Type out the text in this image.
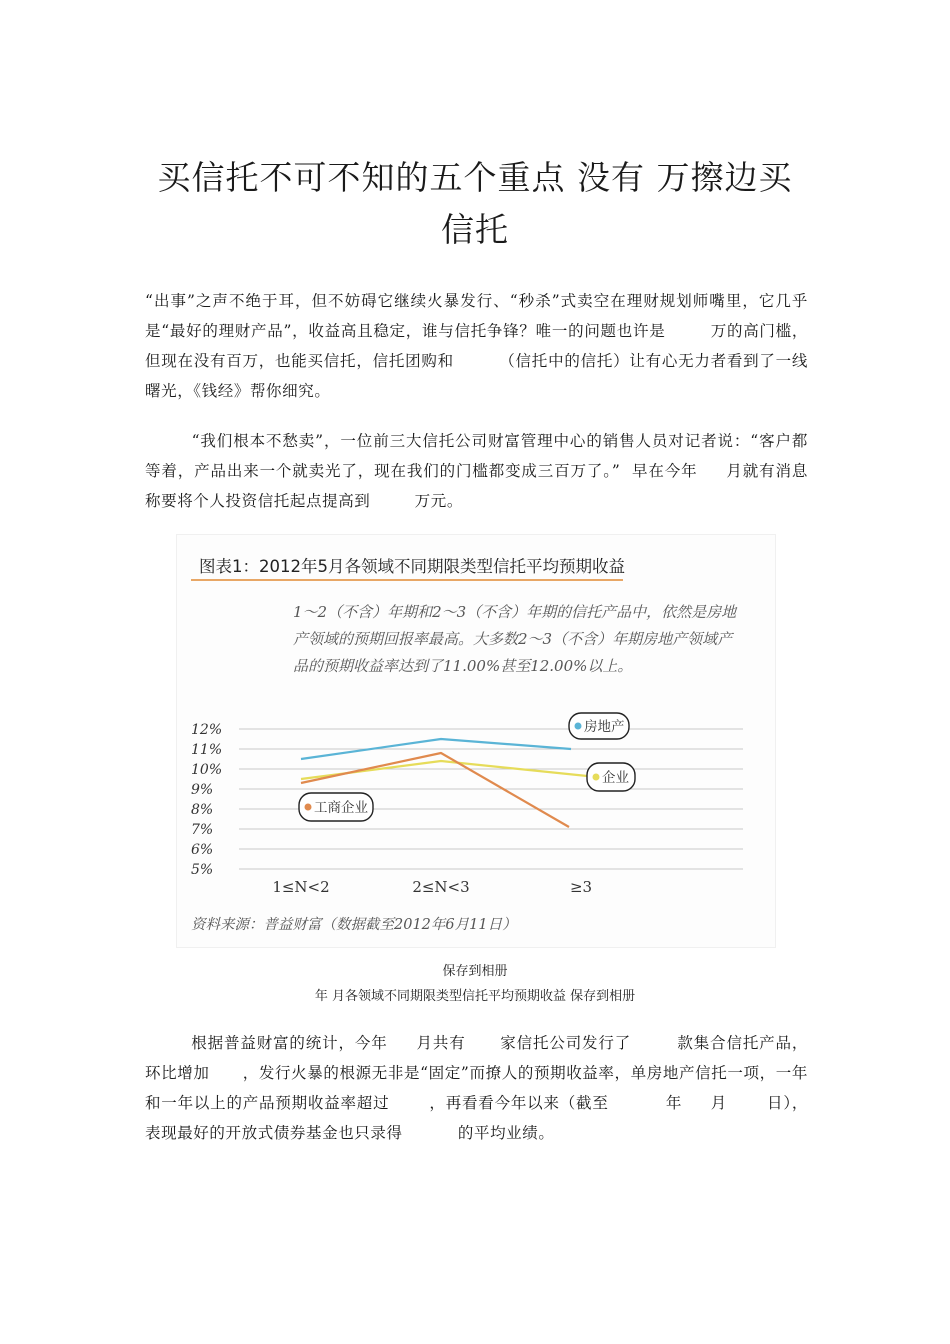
买信托不可不知的五个重点 没有 万擦边买
信托
“出事”之声不绝于耳，但不妨碍它继续火暴发行、“秒杀”式卖空在理财规划师嘴里，它几乎是“最好的理财产品”，收益高且稳定，谁与信托争锋？唯一的问题也许是        万的高门槛，但现在没有百万，也能买信托，信托团购和        （信托中的信托）让有心无力者看到了一线曙光，《钱经》帮你细究。
“我们根本不愁卖”，一位前三大信托公司财富管理中心的销售人员对记者说：“客户都等着，产品出来一个就卖光了，现在我们的门槛都变成三百万了。”  早在今年     月就有消息称要将个人投资信托起点提高到        万元。
图表1：2012年5月各领域不同期限类型信托平均预期收益
1～2（不含）年期和2～3（不含）年期的信托产品中，依然是房地产领域的预期回报率最高。大多数2～3（不含）年期房地产领域产品的预期收益率达到了11.00%甚至12.00%以上。
12%
11%
10%
9%
8%
7%
6%
5%
1≤N<2	2≤N<3	≥3
房地产
企业
工商企业
资料来源：普益财富（数据截至2012年6月11日）
保存到相册
年 月各领域不同期限类型信托平均预期收益 保存到相册
根据普益财富的统计，今年     月共有      家信托公司发行了        款集合信托产品，环比增加      ，发行火暴的根源无非是“固定”而撩人的预期收益率，单房地产信托一项，一年和一年以上的产品预期收益率超过       ，再看看今年以来（截至          年     月       日），表现最好的开放式债券基金也只录得          的平均业绩。
